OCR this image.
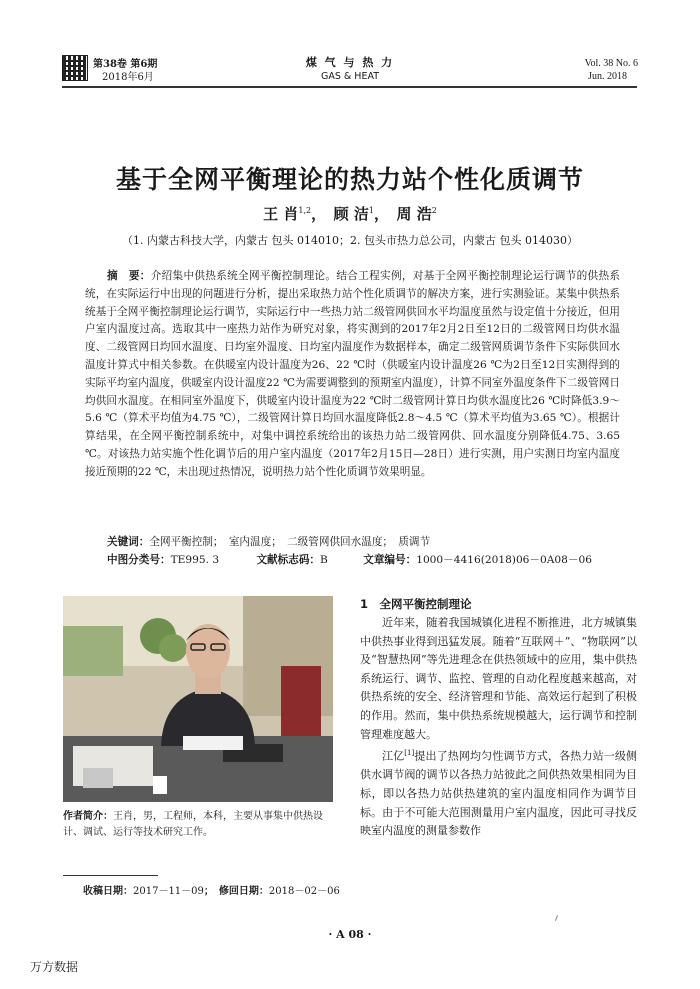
第38卷 第6期
2018年6月
煤 气 与 热 力
GAS & HEAT
Vol. 38 No. 6
Jun. 2018
基于全网平衡理论的热力站个性化质调节
王 肖$^{1,2}$，　顾 洁$^1$，　周 浩$^2$
（1. 内蒙古科技大学，内蒙古 包头 014010；2. 包头市热力总公司，内蒙古 包头 014030）
摘　要：介绍集中供热系统全网平衡控制理论。结合工程实例，对基于全网平衡控制理论运行调节的供热系统，在实际运行中出现的问题进行分析，提出采取热力站个性化质调节的解决方案，进行实测验证。某集中供热系统基于全网平衡控制理论运行调节，实际运行中一些热力站二级管网供回水平均温度虽然与设定值十分接近，但用户室内温度过高。选取其中一座热力站作为研究对象，将实测到的2017年2月2日至12日的二级管网日均供水温度、二级管网日均回水温度、日均室外温度、日均室内温度作为数据样本，确定二级管网质调节条件下实际供回水温度计算式中相关参数。在供暖室内设计温度为26、22 ℃时（供暖室内设计温度26 ℃为2日至12日实测得到的实际平均室内温度，供暖室内设计温度22 ℃为需要调整到的预期室内温度），计算不同室外温度条件下二级管网日均供回水温度。在相同室外温度下，供暖室内设计温度为22 ℃时二级管网计算日均供水温度比26 ℃时降低3.9～5.6 ℃（算术平均值为4.75 ℃），二级管网计算日均回水温度降低2.8～4.5 ℃（算术平均值为3.65 ℃）。根据计算结果，在全网平衡控制系统中，对集中调控系统给出的该热力站二级管网供、回水温度分别降低4.75、3.65 ℃。对该热力站实施个性化调节后的用户室内温度（2017年2月15日—28日）进行实测，用户实测日均室内温度接近预期的22 ℃，未出现过热情况，说明热力站个性化质调节效果明显。
关键词：全网平衡控制；　室内温度；　二级管网供回水温度；　质调节
中图分类号：TE995. 3	文献标志码：B	文章编号：1000－4416(2018)06－0A08－06
作者简介：王肖，男，工程师，本科，主要从事集中供热设计、调试、运行等技术研究工作。
收稿日期：2017－11－09；　修回日期：2018－02－06
1　全网平衡控制理论

近年来，随着我国城镇化进程不断推进，北方城镇集中供热事业得到迅猛发展。随着“互联网＋”、“物联网”以及“智慧热网”等先进理念在供热领域中的应用，集中供热系统运行、调节、监控、管理的自动化程度越来越高，对供热系统的安全、经济管理和节能、高效运行起到了积极的作用。然而，集中供热系统规模越大，运行调节和控制管理难度越大。

江亿[1]提出了热网均匀性调节方式，各热力站一级侧供水调节阀的调节以各热力站彼此之间供热效果相同为目标，即以各热力站供热建筑的室内温度相同作为调节目标。由于不可能大范围测量用户室内温度，因此可寻找反映室内温度的测量参数作

· A 08 ·
万方数据
